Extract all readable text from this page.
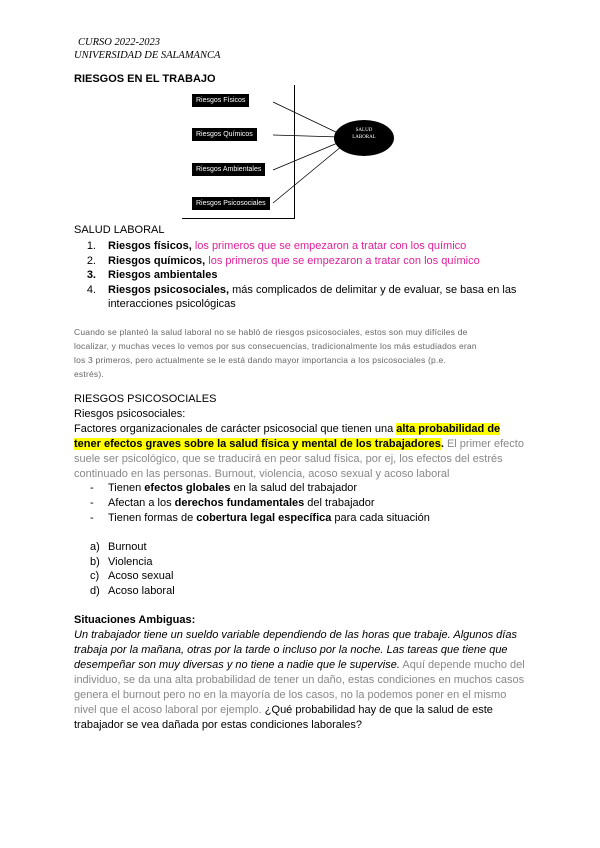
CURSO 2022-2023
UNIVERSIDAD DE SALAMANCA
RIESGOS EN EL TRABAJO
Riesgos Físicos
Riesgos Químicos
Riesgos Ambientales
Riesgos Psicosociales
SALUD
LABORAL
SALUD LABORAL
1. Riesgos físicos, los primeros que se empezaron a tratar con los químico
2. Riesgos químicos, los primeros que se empezaron a tratar con los químico
3. Riesgos ambientales
4. Riesgos psicosociales, más complicados de delimitar y de evaluar, se basa en las
interacciones psicológicas
Cuando se planteó la salud laboral no se habló de riesgos psicosociales, estos son muy difíciles de
localizar, y muchas veces lo vemos por sus consecuencias, tradicionalmente los más estudiados eran
los 3 primeros, pero actualmente se le está dando mayor importancia a los psicosociales (p.e.
estrés).
RIESGOS PSICOSOCIALES
Riesgos psicosociales:
Factores organizacionales de carácter psicosocial que tienen una alta probabilidad de
tener efectos graves sobre la salud física y mental de los trabajadores. El primer efecto
suele ser psicológico, que se traducirá en peor salud física, por ej, los efectos del estrés
continuado en las personas. Burnout, violencia, acoso sexual y acoso laboral
- Tienen efectos globales en la salud del trabajador
- Afectan a los derechos fundamentales del trabajador
- Tienen formas de cobertura legal específica para cada situación
a) Burnout
b) Violencia
c) Acoso sexual
d) Acoso laboral
Situaciones Ambiguas:
Un trabajador tiene un sueldo variable dependiendo de las horas que trabaje. Algunos días
trabaja por la mañana, otras por la tarde o incluso por la noche. Las tareas que tiene que
desempeñar son muy diversas y no tiene a nadie que le supervise. Aquí depende mucho del
individuo, se da una alta probabilidad de tener un daño, estas condiciones en muchos casos
genera el burnout pero no en la mayoría de los casos, no la podemos poner en el mismo
nivel que el acoso laboral por ejemplo. ¿Qué probabilidad hay de que la salud de este
trabajador se vea dañada por estas condiciones laborales?
